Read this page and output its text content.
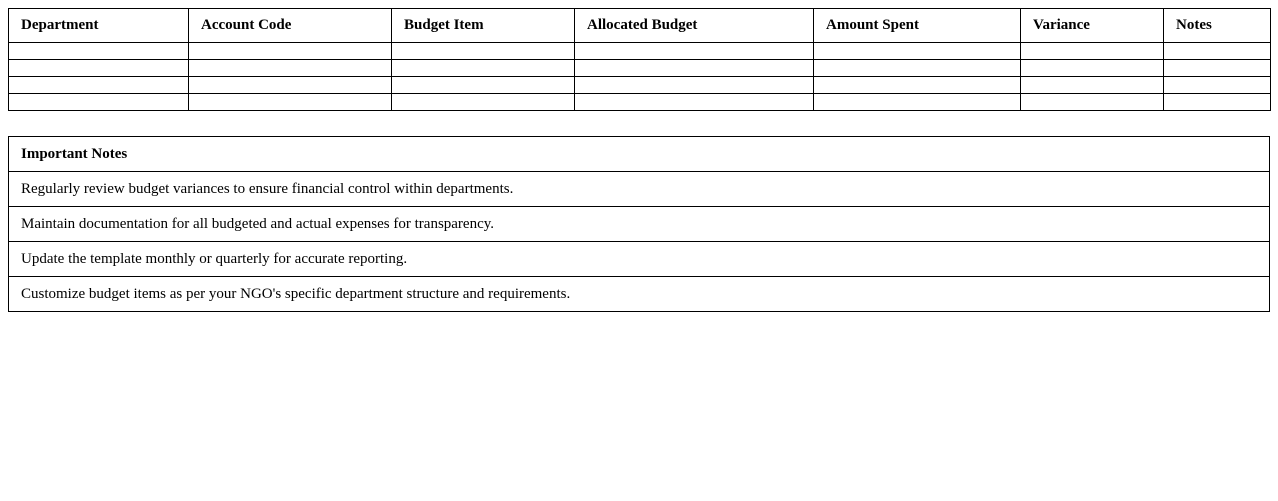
Department	Account Code	Budget Item	Allocated Budget	Amount Spent	Variance	Notes

Important Notes
Regularly review budget variances to ensure financial control within departments.
Maintain documentation for all budgeted and actual expenses for transparency.
Update the template monthly or quarterly for accurate reporting.
Customize budget items as per your NGO's specific department structure and requirements.
